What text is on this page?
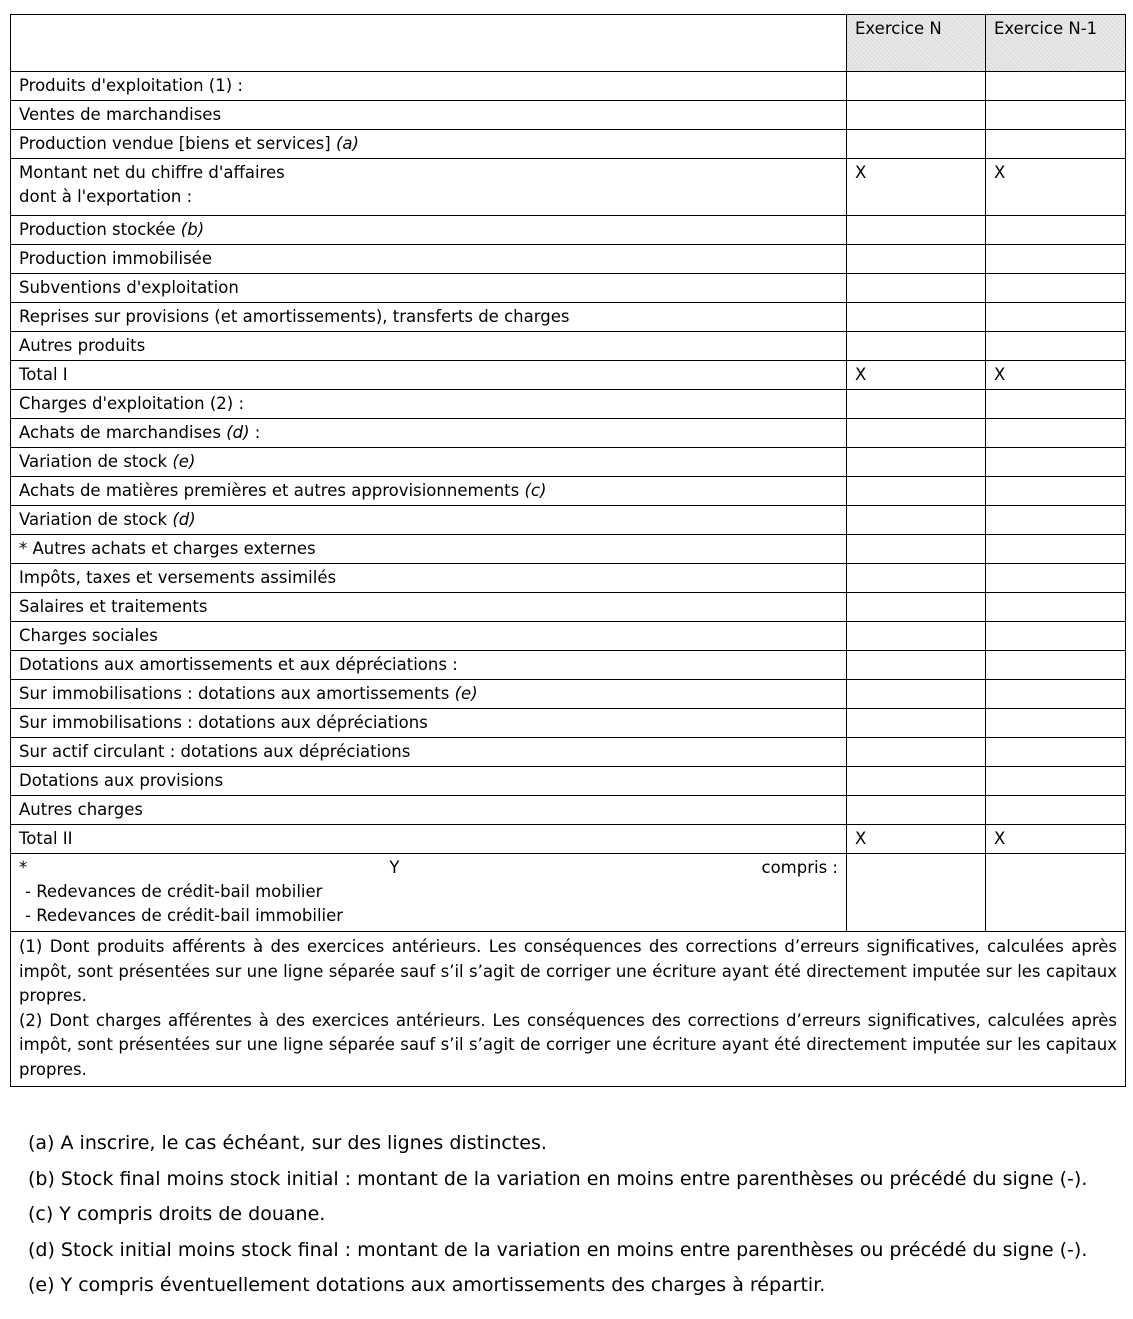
	Exercice N	Exercice N-1
Produits d'exploitation (1) :		
Ventes de marchandises		
Production vendue [biens et services] (a)		
Montant net du chiffre d'affaires
dont à l'exportation :	X	X
Production stockée (b)		
Production immobilisée		
Subventions d'exploitation		
Reprises sur provisions (et amortissements), transferts de charges		
Autres produits		
Total I	X	X
Charges d'exploitation (2) :		
Achats de marchandises (d) :		
Variation de stock (e)		
Achats de matières premières et autres approvisionnements (c)		
Variation de stock (d)		
* Autres achats et charges externes		
Impôts, taxes et versements assimilés		
Salaires et traitements		
Charges sociales		
Dotations aux amortissements et aux dépréciations :		
Sur immobilisations : dotations aux amortissements (e)		
Sur immobilisations : dotations aux dépréciations		
Sur actif circulant : dotations aux dépréciations		
Dotations aux provisions		
Autres charges		
Total II	X	X

* Y compris :
- Redevances de crédit-bail mobilier
- Redevances de crédit-bail immobilier		

(1) Dont produits afférents à des exercices antérieurs. Les conséquences des corrections d’erreurs significatives, calculées après impôt, sont présentées sur une ligne séparée sauf s’il s’agit de corriger une écriture ayant été directement imputée sur les capitaux propres.
(2) Dont charges afférentes à des exercices antérieurs. Les conséquences des corrections d’erreurs significatives, calculées après impôt, sont présentées sur une ligne séparée sauf s’il s’agit de corriger une écriture ayant été directement imputée sur les capitaux propres.		
(a) A inscrire, le cas échéant, sur des lignes distinctes.
(b) Stock final moins stock initial : montant de la variation en moins entre parenthèses ou précédé du signe (-).
(c) Y compris droits de douane.
(d) Stock initial moins stock final : montant de la variation en moins entre parenthèses ou précédé du signe (-).
(e) Y compris éventuellement dotations aux amortissements des charges à répartir.
